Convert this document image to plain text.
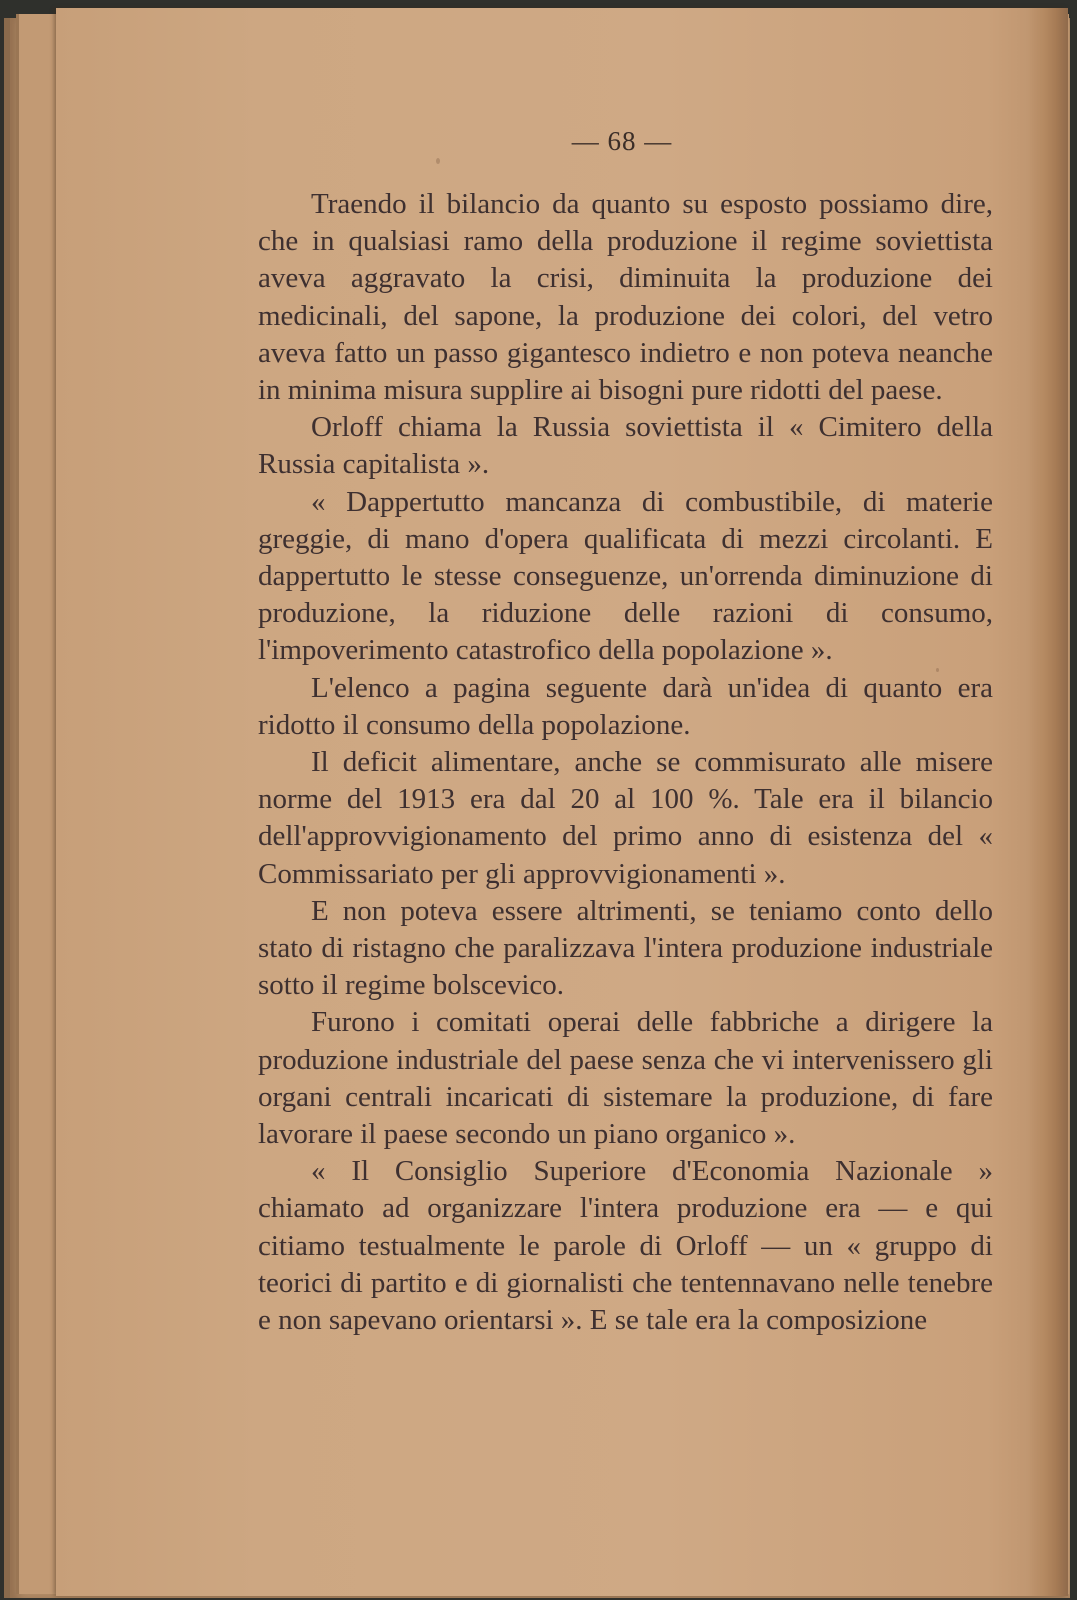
— 68 —

Traendo il bilancio da quanto su esposto possiamo dire, che in qualsiasi ramo della produzione il regime soviettista aveva aggravato la crisi, diminuita la produzione dei medicinali, del sapone, la produzione dei colori, del vetro aveva fatto un passo gigantesco indietro e non poteva neanche in minima misura supplire ai bisogni pure ridotti del paese.

Orloff chiama la Russia soviettista il « Cimitero della Russia capitalista ».

« Dappertutto mancanza di combustibile, di materie greggie, di mano d'opera qualificata di mezzi circolanti. E dappertutto le stesse conseguenze, un'orrenda diminuzione di produzione, la riduzione delle razioni di consumo, l'impoverimento catastrofico della popolazione ».

L'elenco a pagina seguente darà un'idea di quanto era ridotto il consumo della popolazione.

Il deficit alimentare, anche se commisurato alle misere norme del 1913 era dal 20 al 100 %. Tale era il bilancio dell'approvvigionamento del primo anno di esistenza del « Commissariato per gli approvvigionamenti ».

E non poteva essere altrimenti, se teniamo conto dello stato di ristagno che paralizzava l'intera produzione industriale sotto il regime bolscevico.

Furono i comitati operai delle fabbriche a dirigere la produzione industriale del paese senza che vi intervenissero gli organi centrali incaricati di sistemare la produzione, di fare lavorare il paese secondo un piano organico ».

« Il Consiglio Superiore d'Economia Nazionale » chiamato ad organizzare l'intera produzione era — e qui citiamo testualmente le parole di Orloff — un « gruppo di teorici di partito e di giornalisti che tentennavano nelle tenebre e non sapevano orientarsi ». E se tale era la composizione
